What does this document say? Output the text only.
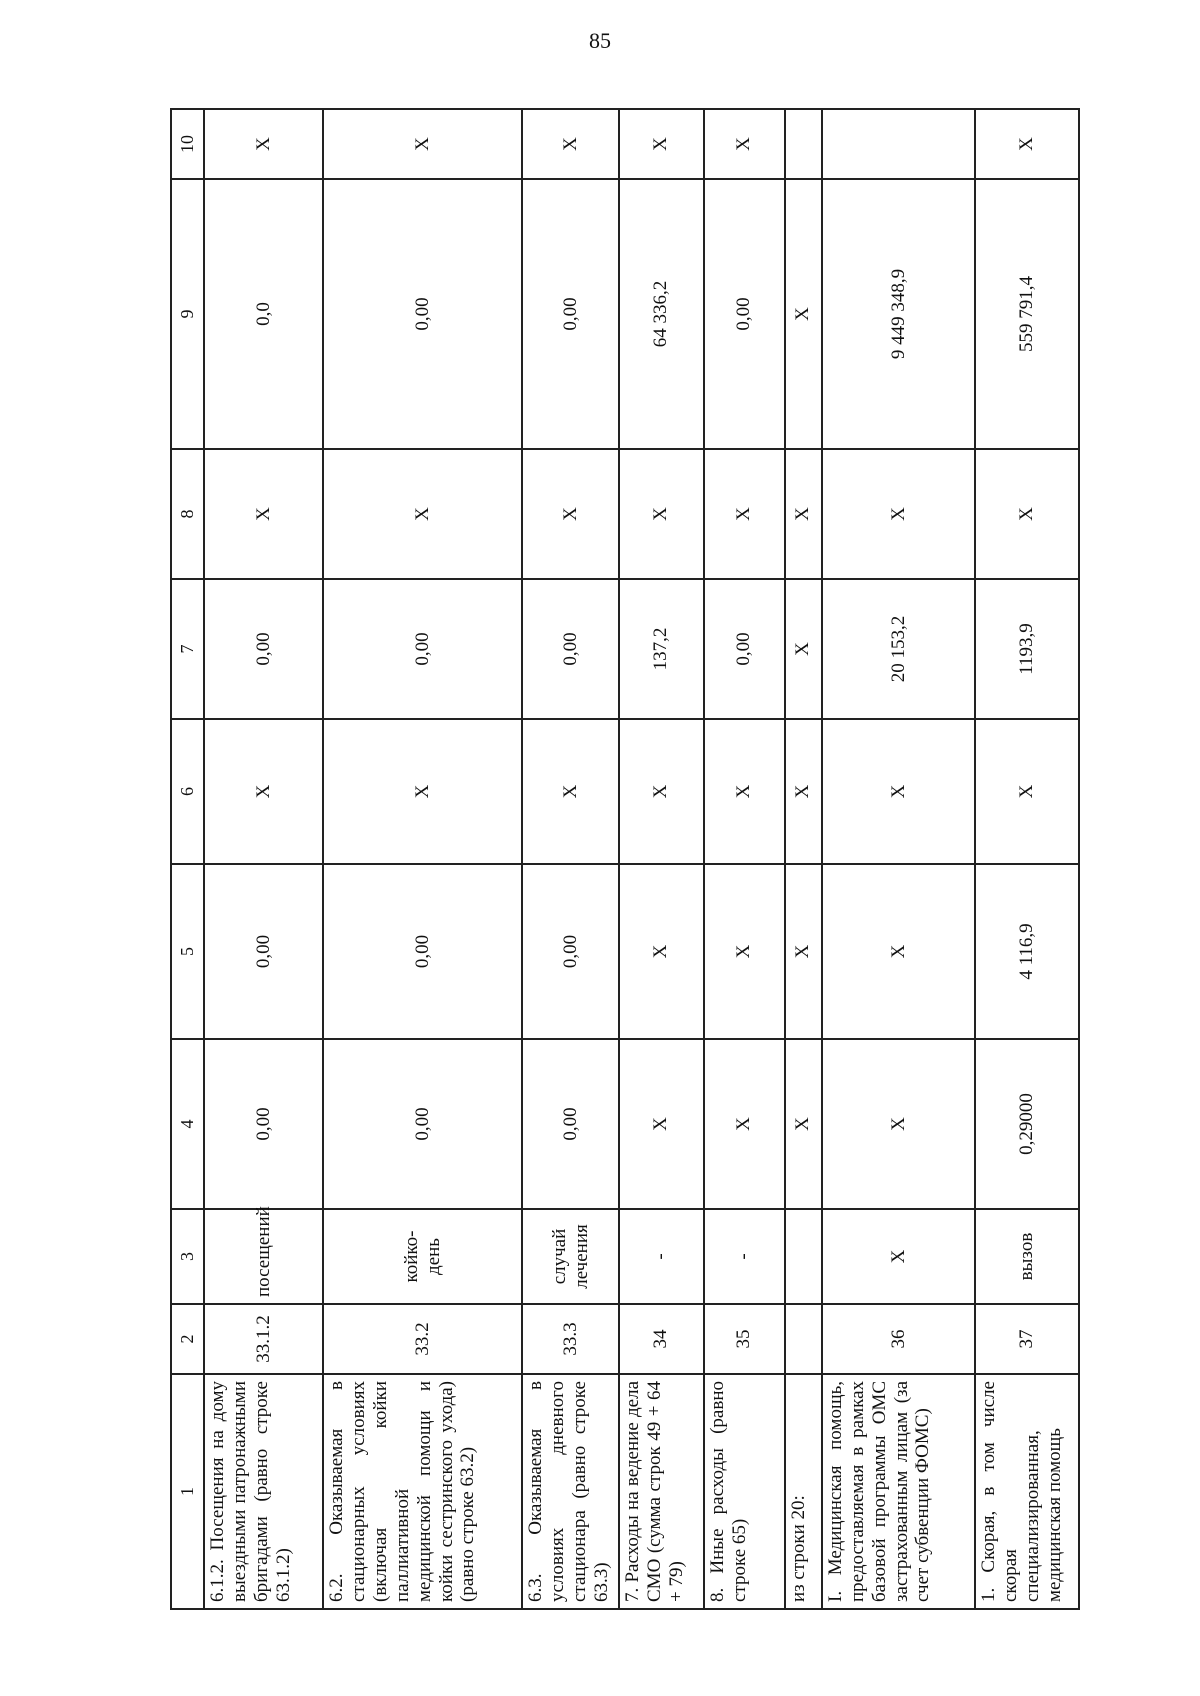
85
1	2	3	4	5	6	7	8	9	10
6.1.2. Посещения на дому выездными патронажными бригадами (равно строке 63.1.2)	33.1.2	посещений	0,00	0,00	Х	0,00	Х	0,0	Х
6.2. Оказываемая в стационарных условиях (включая койки паллиативной медицинской помощи и койки сестринского ухода) (равно строке 63.2)	33.2	койко-день	0,00	0,00	Х	0,00	Х	0,00	Х
6.3. Оказываемая в условиях дневного стационара (равно строке 63.3)	33.3	случай лечения	0,00	0,00	Х	0,00	Х	0,00	Х
7. Расходы на ведение дела СМО (сумма строк 49 + 64 + 79)	34	-	Х	Х	Х	137,2	Х	64 336,2	Х
8. Иные расходы (равно строке 65)	35	-	Х	Х	Х	0,00	Х	0,00	Х
из строки 20:			Х	Х	Х	Х	Х	Х	
I. Медицинская помощь, предоставляемая в рамках базовой программы ОМС застрахованным лицам (за счет субвенции ФОМС)	36	Х	Х	Х	Х	20 153,2	Х	9 449 348,9	
1. Скорая, в том числе скорая специализированная, медицинская помощь	37	вызов	0,29000	4 116,9	Х	1193,9	Х	559 791,4	Х
